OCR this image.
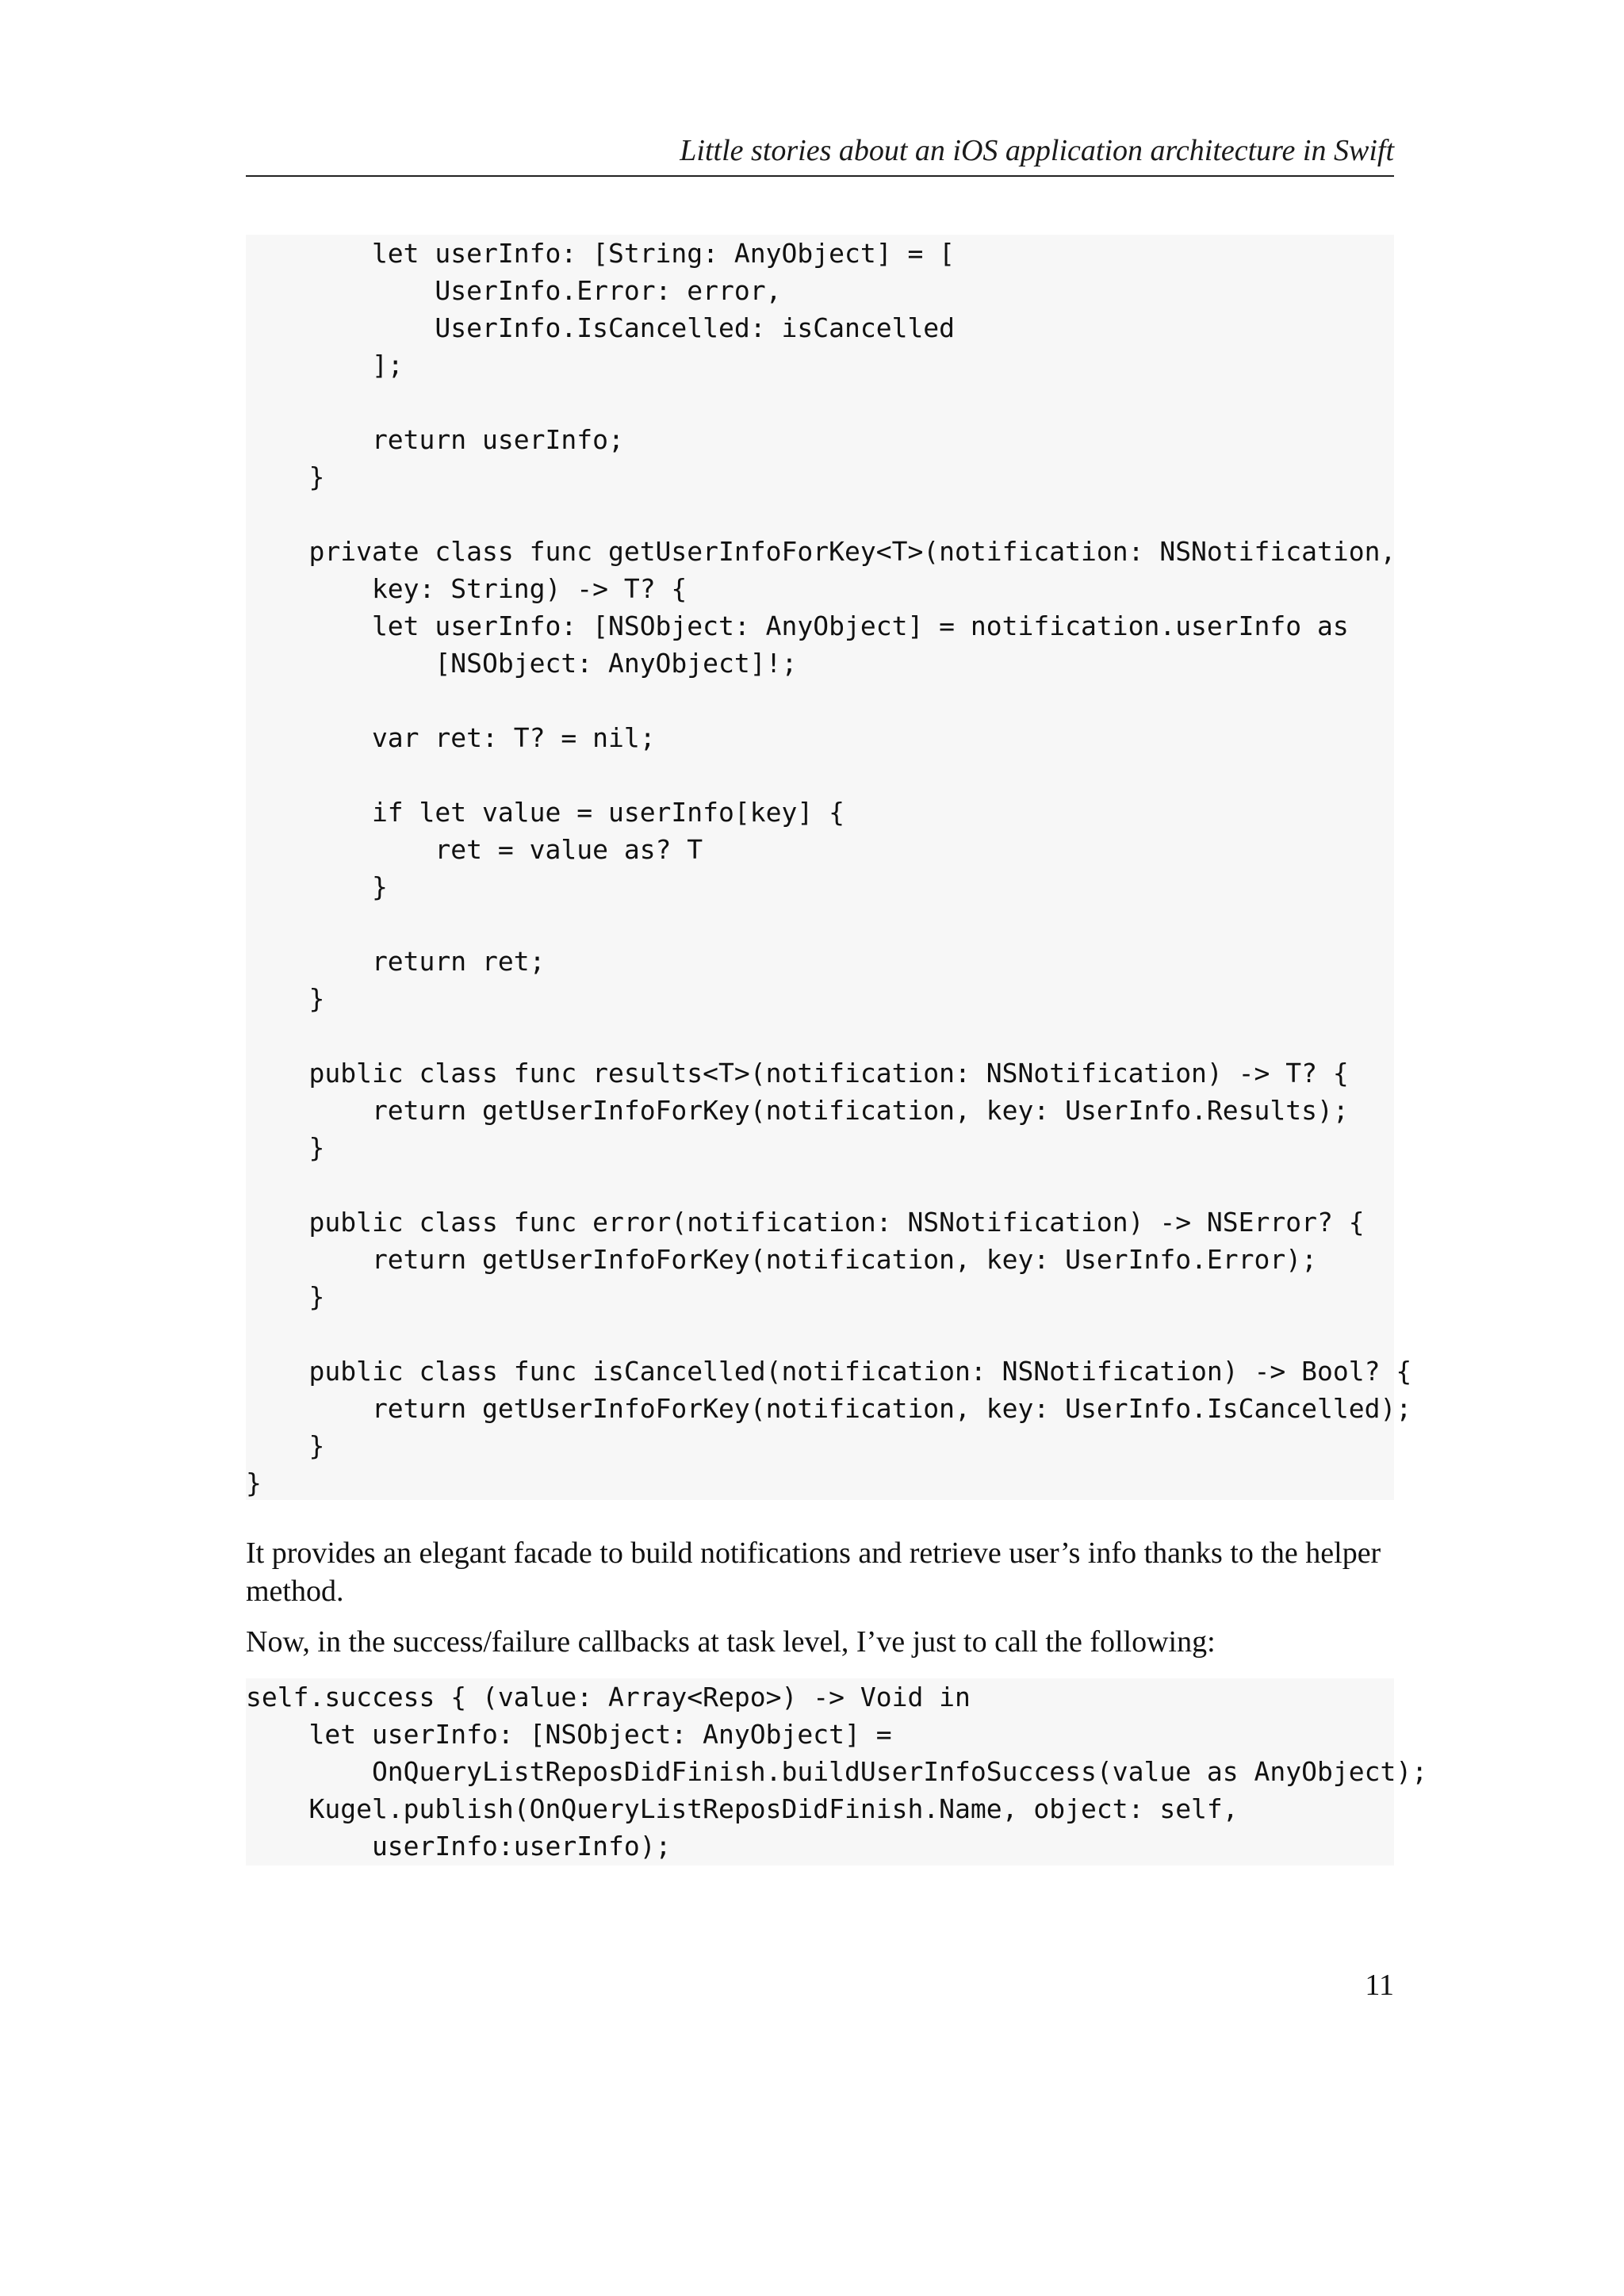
Little stories about an iOS application architecture in Swift
let userInfo: [String: AnyObject] = [
UserInfo.Error: error,
UserInfo.IsCancelled: isCancelled
];

return userInfo;
}

private class func getUserInfoForKey<T>(notification: NSNotification,
key: String) -> T? {
let userInfo: [NSObject: AnyObject] = notification.userInfo as
[NSObject: AnyObject]!;

var ret: T? = nil;

if let value = userInfo[key] {
ret = value as? T
}

return ret;
}

public class func results<T>(notification: NSNotification) -> T? {
return getUserInfoForKey(notification, key: UserInfo.Results);
}

public class func error(notification: NSNotification) -> NSError? {
return getUserInfoForKey(notification, key: UserInfo.Error);
}

public class func isCancelled(notification: NSNotification) -> Bool? {
return getUserInfoForKey(notification, key: UserInfo.IsCancelled);
}
}

It provides an elegant facade to build notifications and retrieve user’s info thanks to the helper method.

Now, in the success/failure callbacks at task level, I’ve just to call the following:

self.success { (value: Array<Repo>) -> Void in
let userInfo: [NSObject: AnyObject] =
OnQueryListReposDidFinish.buildUserInfoSuccess(value as AnyObject);
Kugel.publish(OnQueryListReposDidFinish.Name, object: self,
userInfo:userInfo);
11
